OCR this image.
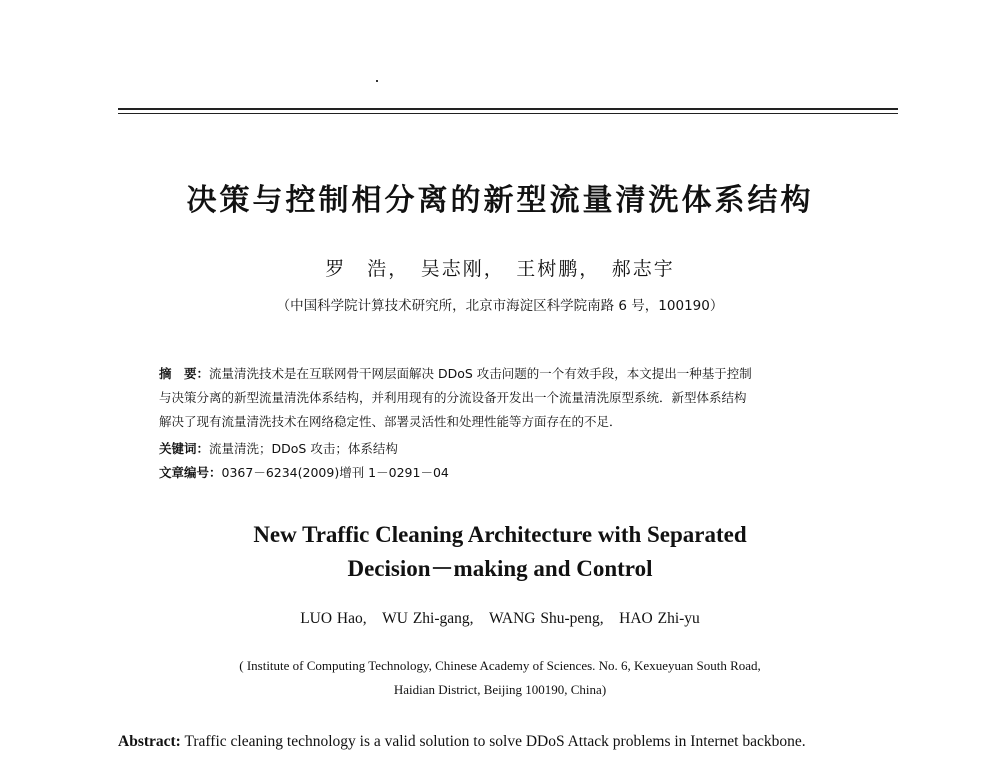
决策与控制相分离的新型流量清洗体系结构
罗　浩，　吴志刚，　王树鹏，　郝志宇
（中国科学院计算技术研究所，北京市海淀区科学院南路 6 号，100190）
摘　要：流量清洗技术是在互联网骨干网层面解决 DDoS 攻击问题的一个有效手段，本文提出一种基于控制
与决策分离的新型流量清洗体系结构，并利用现有的分流设备开发出一个流量清洗原型系统．新型体系结构
解决了现有流量清洗技术在网络稳定性、部署灵活性和处理性能等方面存在的不足．
关键词：流量清洗；DDoS 攻击；体系结构
文章编号：0367－6234(2009)增刊 1－0291－04
New Traffic Cleaning Architecture with Separated
Decision－making and Control
LUO Hao,　WU Zhi-gang,　WANG Shu-peng,　HAO Zhi-yu
( Institute of Computing Technology, Chinese Academy of Sciences. No. 6, Kexueyuan South Road,
Haidian District, Beijing 100190, China)
Abstract: Traffic cleaning technology is a valid solution to solve DDoS Attack problems in Internet backbone.
